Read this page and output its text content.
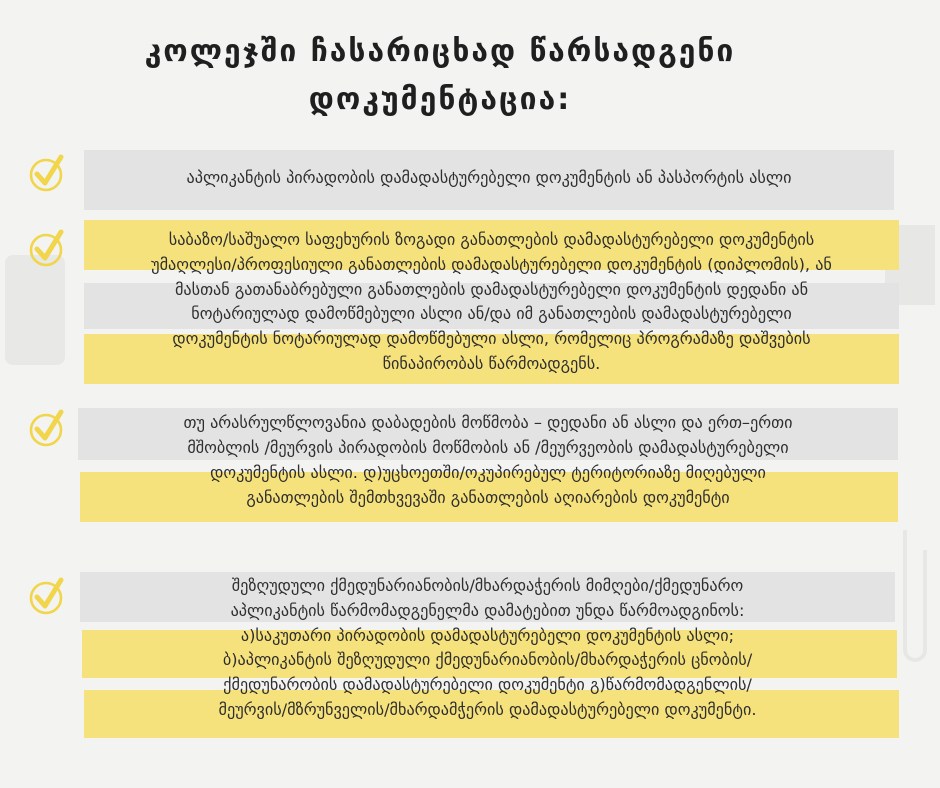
კოლეჯში ჩასარიცხად წარსადგენი
დოკუმენტაცია:
აპლიკანტის პირადობის დამადასტურებელი დოკუმენტის ან პასპორტის ასლი
საბაზო/საშუალო საფეხურის ზოგადი განათლების დამადასტურებელი დოკუმენტის
უმაღლესი/პროფესიული განათლების დამადასტურებელი დოკუმენტის (დიპლომის), ან
მასთან გათანაბრებული განათლების დამადასტურებელი დოკუმენტის დედანი ან
ნოტარიულად დამოწმებული ასლი ან/და იმ განათლების დამადასტურებელი
დოკუმენტის ნოტარიულად დამოწმებული ასლი, რომელიც პროგრამაზე დაშვების
წინაპირობას წარმოადგენს.
თუ არასრულწლოვანია დაბადების მოწმობა – დედანი ან ასლი და ერთ–ერთი
მშობლის /მეურვის პირადობის მოწმობის ან /მეურვეობის დამადასტურებელი
დოკუმენტის ასლი. დ)უცხოეთში/ოკუპირებულ ტერიტორიაზე მიღებული
განათლების შემთხვევაში განათლების აღიარების დოკუმენტი
შეზღუდული ქმედუნარიანობის/მხარდაჭერის მიმღები/ქმედუნარო
აპლიკანტის წარმომადგენელმა დამატებით უნდა წარმოადგინოს:
ა)საკუთარი პირადობის დამადასტურებელი დოკუმენტის ასლი;
ბ)აპლიკანტის შეზღუდული ქმედუნარიანობის/მხარდაჭერის ცნობის/
ქმედუნარობის დამადასტურებელი დოკუმენტი გ)წარმომადგენლის/
მეურვის/მზრუნველის/მხარდამჭერის დამადასტურებელი დოკუმენტი.
